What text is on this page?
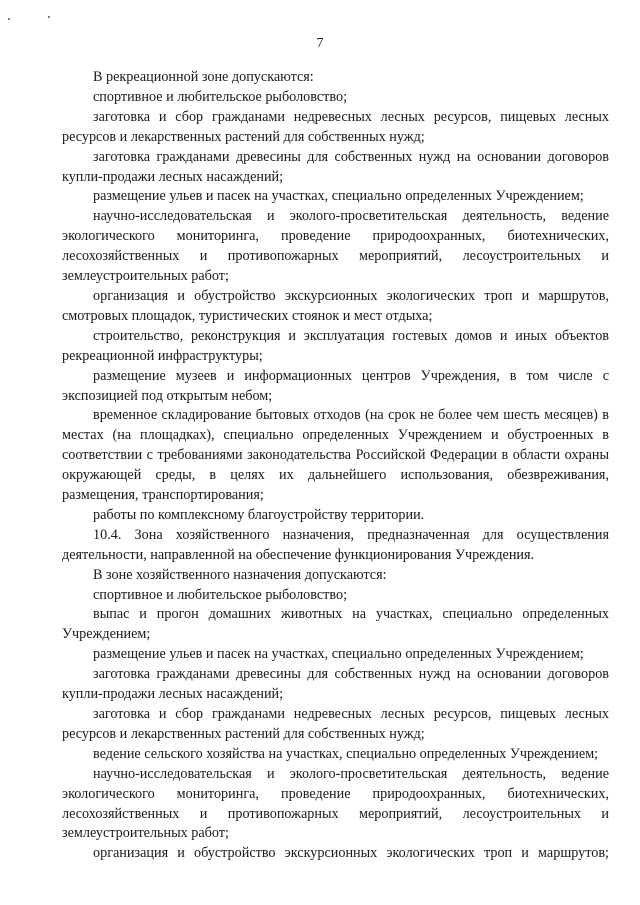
7

В рекреационной зоне допускаются:

спортивное и любительское рыболовство;

заготовка и сбор гражданами недревесных лесных ресурсов, пищевых лесных ресурсов и лекарственных растений для собственных нужд;

заготовка гражданами древесины для собственных нужд на основании договоров купли-продажи лесных насаждений;

размещение ульев и пасек на участках, специально определенных Учреждением;

научно-исследовательская и эколого-просветительская деятельность, ведение экологического мониторинга, проведение природоохранных, биотехнических, лесохозяйственных и противопожарных мероприятий, лесоустроительных и землеустроительных работ;

организация и обустройство экскурсионных экологических троп и маршрутов, смотровых площадок, туристических стоянок и мест отдыха;

строительство, реконструкция и эксплуатация гостевых домов и иных объектов рекреационной инфраструктуры;

размещение музеев и информационных центров Учреждения, в том числе с экспозицией под открытым небом;

временное складирование бытовых отходов (на срок не более чем шесть месяцев) в местах (на площадках), специально определенных Учреждением и обустроенных в соответствии с требованиями законодательства Российской Федерации в области охраны окружающей среды, в целях их дальнейшего использования, обезвреживания, размещения, транспортирования;

работы по комплексному благоустройству территории.

10.4. Зона хозяйственного назначения, предназначенная для осуществления деятельности, направленной на обеспечение функционирования Учреждения.

В зоне хозяйственного назначения допускаются:

спортивное и любительское рыболовство;

выпас и прогон домашних животных на участках, специально определенных Учреждением;

размещение ульев и пасек на участках, специально определенных Учреждением;

заготовка гражданами древесины для собственных нужд на основании договоров купли-продажи лесных насаждений;

заготовка и сбор гражданами недревесных лесных ресурсов, пищевых лесных ресурсов и лекарственных растений для собственных нужд;

ведение сельского хозяйства на участках, специально определенных Учреждением;

научно-исследовательская и эколого-просветительская деятельность, ведение экологического мониторинга, проведение природоохранных, биотехнических, лесохозяйственных и противопожарных мероприятий, лесоустроительных и землеустроительных работ;

организация и обустройство экскурсионных экологических троп и маршрутов;
